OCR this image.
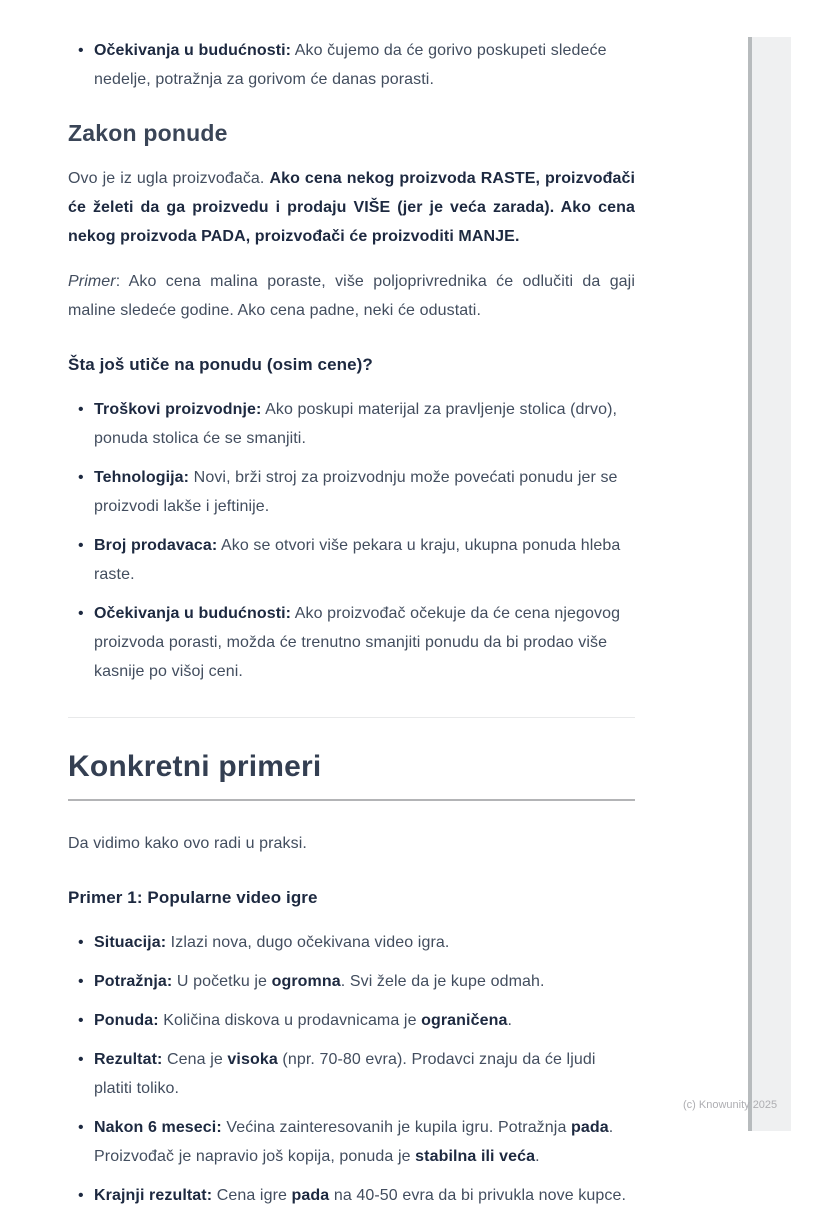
• Očekivanja u budućnosti: Ako čujemo da će gorivo poskupeti sledeće nedelje, potražnja za gorivom će danas porasti.
Zakon ponude

Ovo je iz ugla proizvođača. Ako cena nekog proizvoda RASTE, proizvođači će želeti da ga proizvedu i prodaju VIŠE (jer je veća zarada). Ako cena nekog proizvoda PADA, proizvođači će proizvoditi MANJE.

Primer: Ako cena malina poraste, više poljoprivrednika će odlučiti da gaji maline sledeće godine. Ako cena padne, neki će odustati.

Šta još utiče na ponudu (osim cene)?
• Troškovi proizvodnje: Ako poskupi materijal za pravljenje stolica (drvo), ponuda stolica će se smanjiti.
• Tehnologija: Novi, brži stroj za proizvodnju može povećati ponudu jer se proizvodi lakše i jeftinije.
• Broj prodavaca: Ako se otvori više pekara u kraju, ukupna ponuda hleba raste.
• Očekivanja u budućnosti: Ako proizvođač očekuje da će cena njegovog proizvoda porasti, možda će trenutno smanjiti ponudu da bi prodao više kasnije po višoj ceni.
Konkretni primeri

Da vidimo kako ovo radi u praksi.

Primer 1: Popularne video igre
• Situacija: Izlazi nova, dugo očekivana video igra.
• Potražnja: U početku je ogromna. Svi žele da je kupe odmah.
• Ponuda: Količina diskova u prodavnicama je ograničena.
• Rezultat: Cena je visoka (npr. 70-80 evra). Prodavci znaju da će ljudi platiti toliko.
• Nakon 6 meseci: Većina zainteresovanih je kupila igru. Potražnja pada. Proizvođač je napravio još kopija, ponuda je stabilna ili veća.
• Krajnji rezultat: Cena igre pada na 40-50 evra da bi privukla nove kupce.
(c) Knowunity 2025
